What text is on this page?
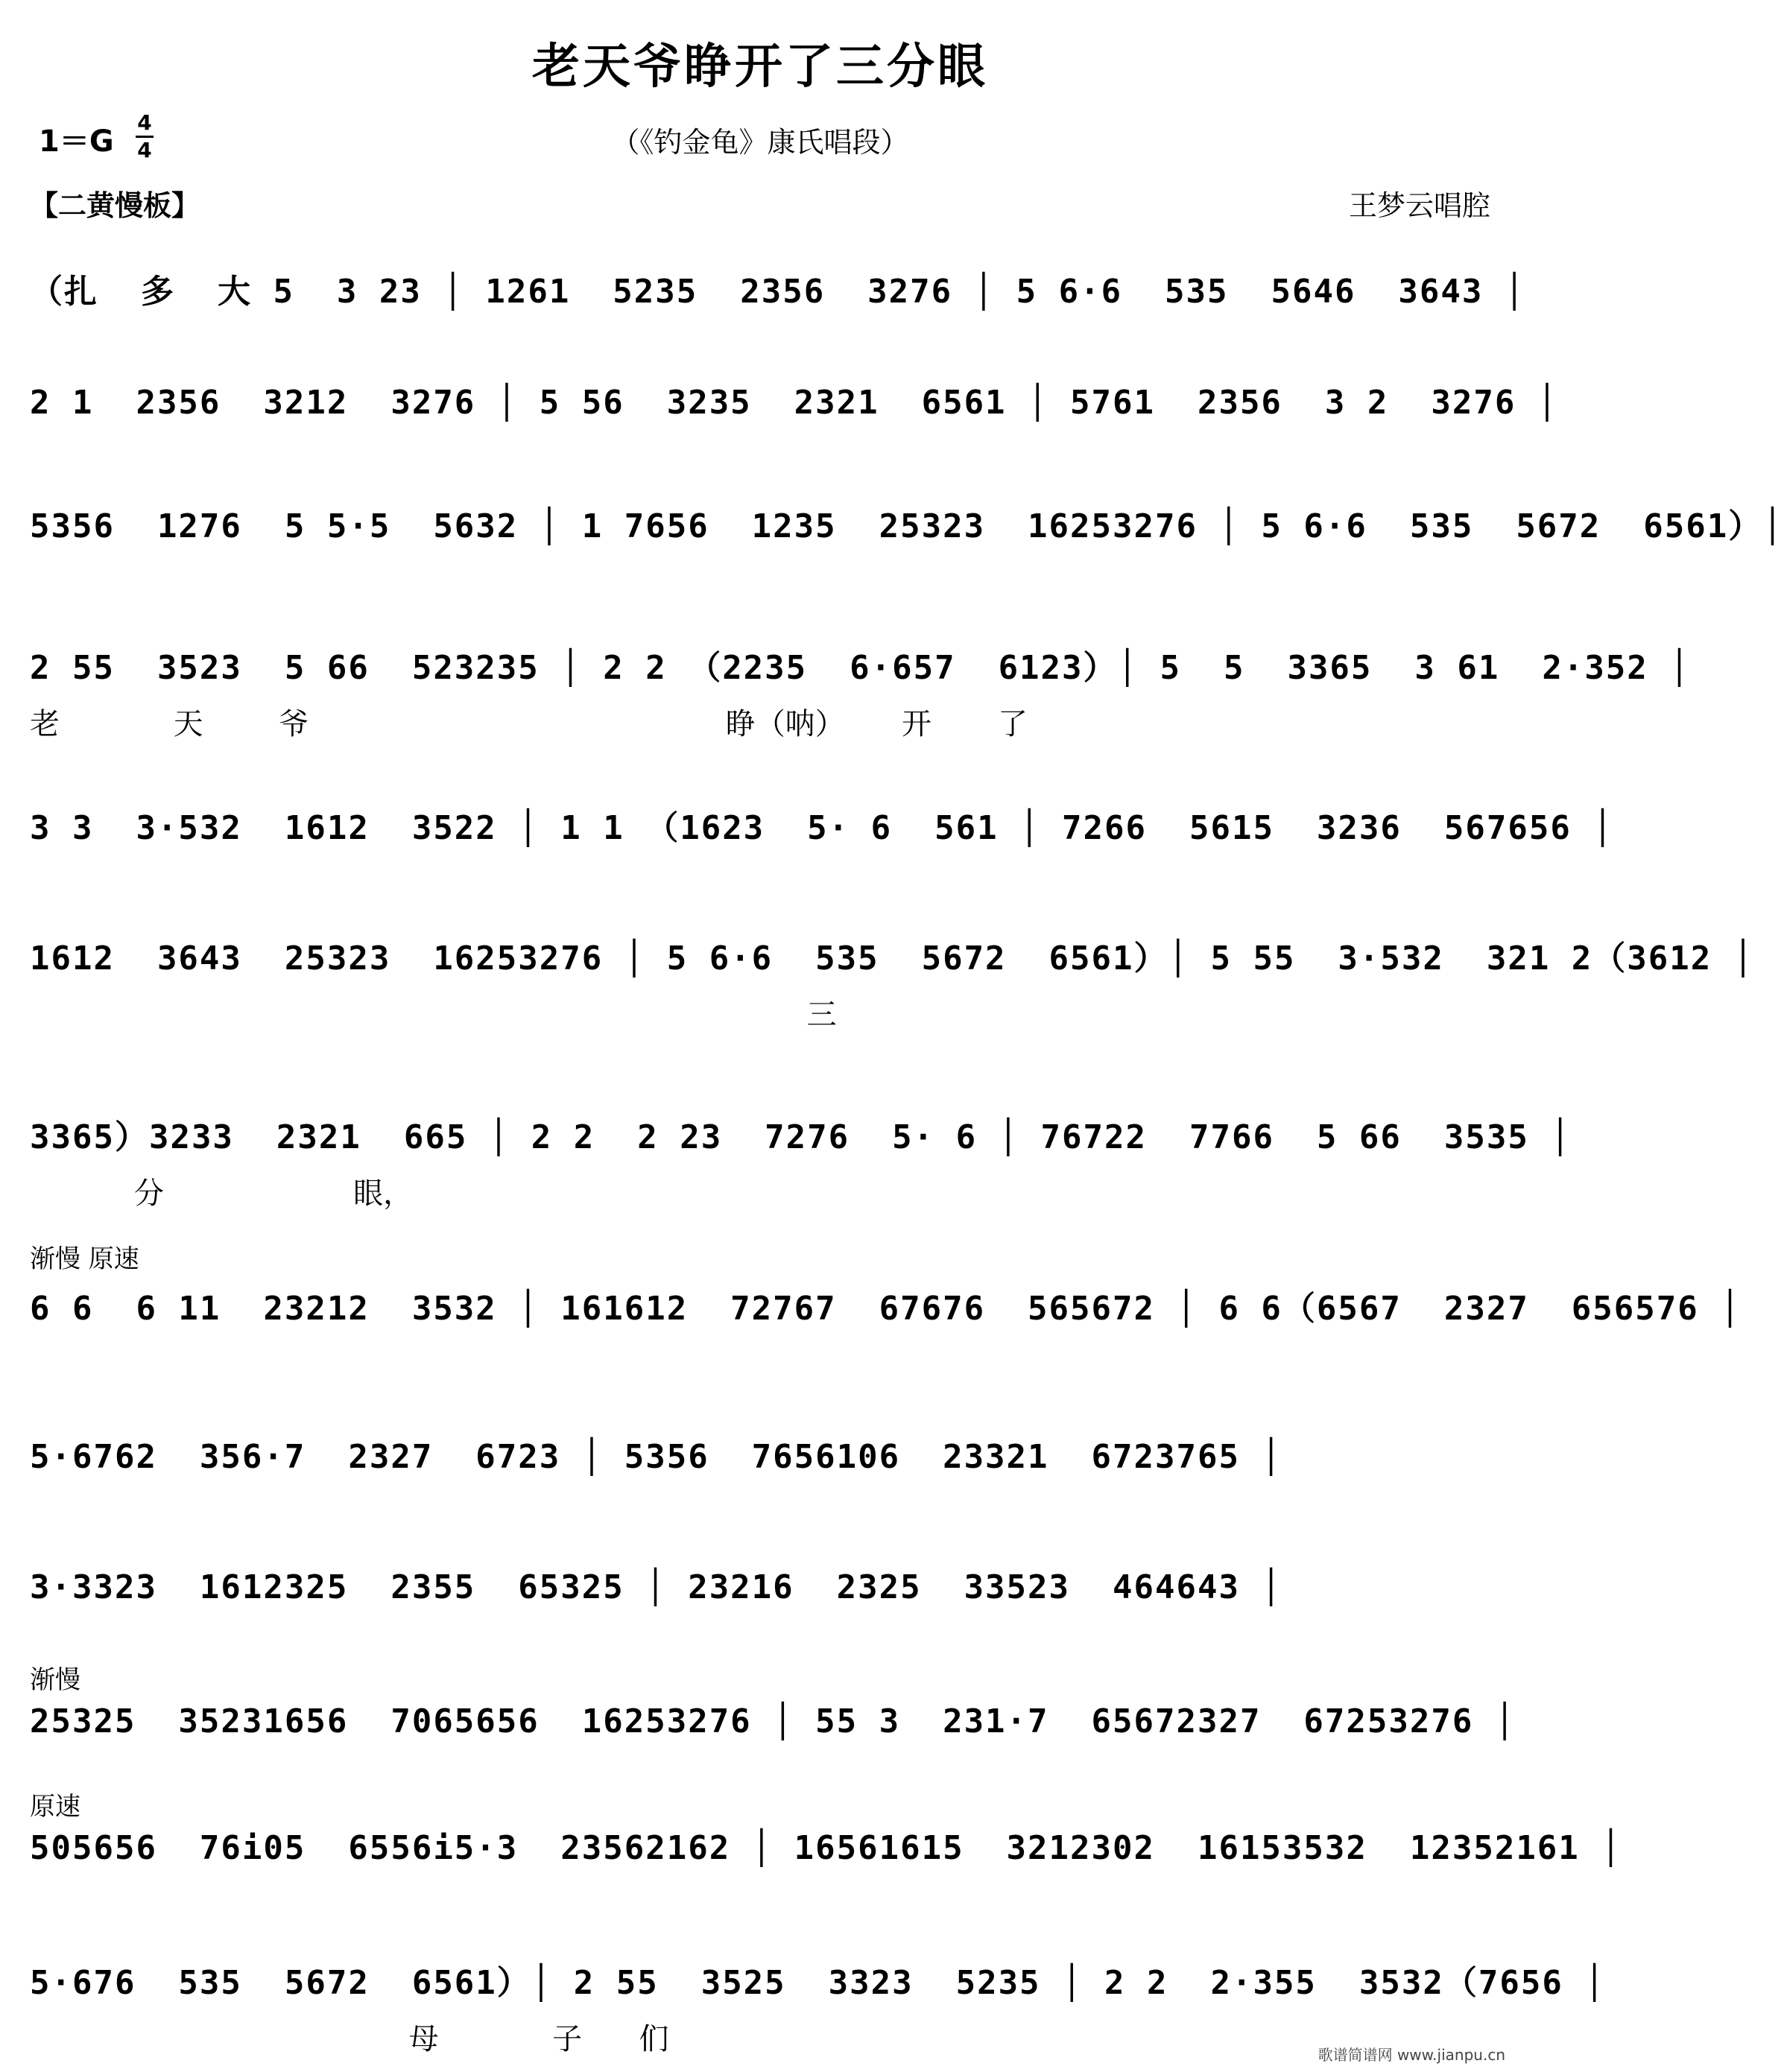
老天爷睁开了三分眼
1＝G
4
4	（《钓金龟》康氏唱段）
【二黄慢板】	王梦云唱腔
（扎  多  大 5  3 23 │ 1261  5235  2356  3276 │ 5 6·6  535  5646  3643 │
2 1  2356  3212  3276 │ 5 56  3235  2321  6561 │ 5761  2356  3 2  3276 │
5356  1276  5 5·5  5632 │ 1 7656  1235  25323  16253276 │ 5 6·6  535  5672  6561）│
2 55  3523  5 66  523235 │ 2 2 （2235  6·657  6123）│ 5  5  3365  3 61  2·352 │
老            天        爷                                            睁（呐）      开       了
3 3  3·532  1612  3522 │ 1 1 （1623  5· 6  561 │ 7266  5615  3236  567656 │
1612  3643  25323  16253276 │ 5 6·6  535  5672  6561）│ 5 55  3·532  321 2（3612 │
三
3365）3233  2321  665 │ 2 2  2 23  7276  5· 6 │ 76722  7766  5 66  3535 │
分                    眼，
渐慢 原速
6 6  6 11  23212  3532 │ 161612  72767  67676  565672 │ 6 6（6567  2327  656576 │
5·6762  356·7  2327  6723 │ 5356  7656106  23321  6723765 │
3·3323  1612325  2355  65325 │ 23216  2325  33523  464643 │
渐慢
25325  35231656  7065656  16253276 │ 55 3  231·7  65672327  67253276 │
原速
505656  76i05  6556i5·3  23562162 │ 16561615  3212302  16153532  12352161 │
5·676  535  5672  6561）│ 2 55  3525  3323  5235 │ 2 2  2·355  3532（7656 │
母            子      们	歌谱简谱网 www.jianpu.cn
